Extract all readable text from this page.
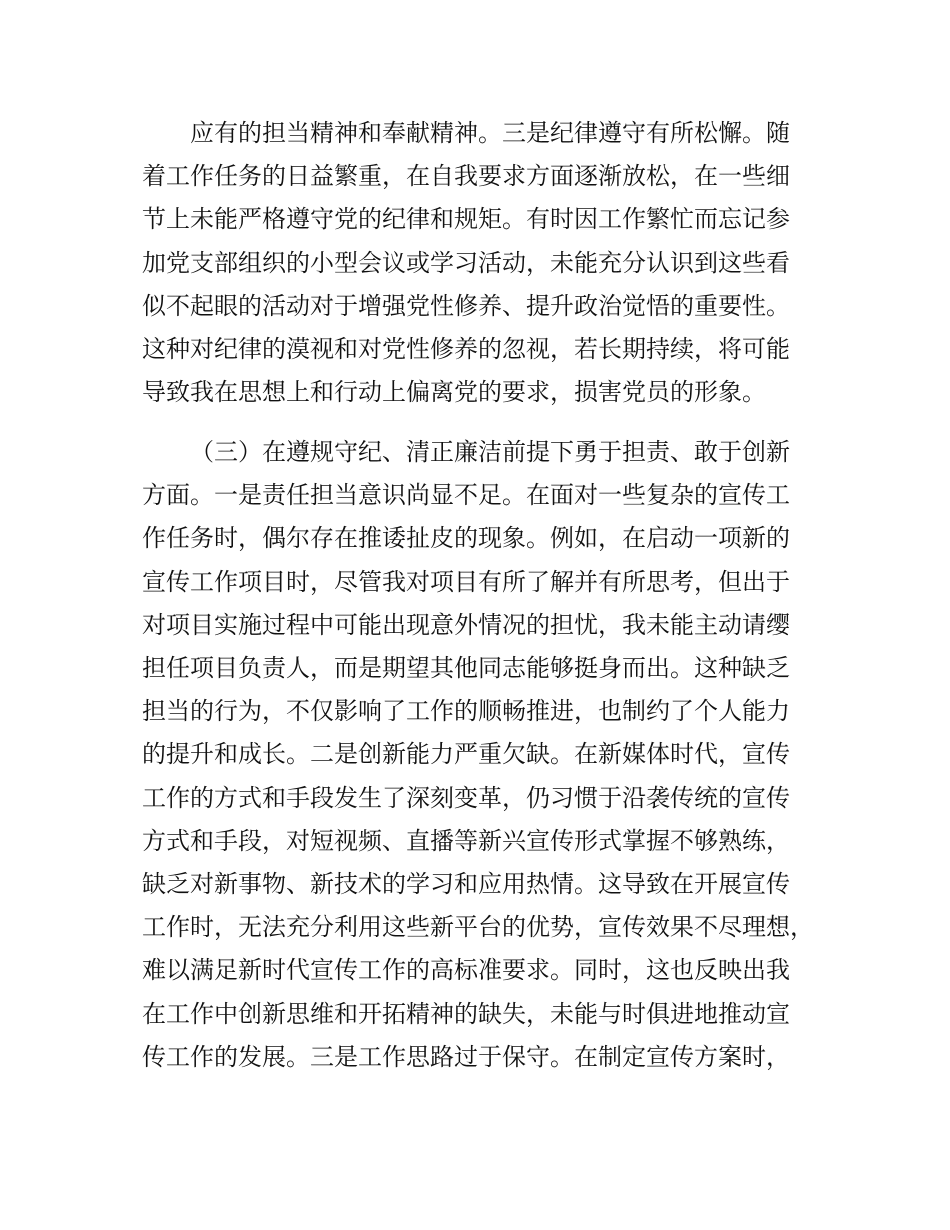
应有的担当精神和奉献精神。三是纪律遵守有所松懈。随
着工作任务的日益繁重，在自我要求方面逐渐放松，在一些细
节上未能严格遵守党的纪律和规矩。有时因工作繁忙而忘记参
加党支部组织的小型会议或学习活动，未能充分认识到这些看
似不起眼的活动对于增强党性修养、提升政治觉悟的重要性。
这种对纪律的漠视和对党性修养的忽视，若长期持续，将可能
导致我在思想上和行动上偏离党的要求，损害党员的形象。
（三）在遵规守纪、清正廉洁前提下勇于担责、敢于创新
方面。一是责任担当意识尚显不足。在面对一些复杂的宣传工
作任务时，偶尔存在推诿扯皮的现象。例如，在启动一项新的
宣传工作项目时，尽管我对项目有所了解并有所思考，但出于
对项目实施过程中可能出现意外情况的担忧，我未能主动请缨
担任项目负责人，而是期望其他同志能够挺身而出。这种缺乏
担当的行为，不仅影响了工作的顺畅推进，也制约了个人能力
的提升和成长。二是创新能力严重欠缺。在新媒体时代，宣传
工作的方式和手段发生了深刻变革，仍习惯于沿袭传统的宣传
方式和手段，对短视频、直播等新兴宣传形式掌握不够熟练，
缺乏对新事物、新技术的学习和应用热情。这导致在开展宣传
工作时，无法充分利用这些新平台的优势，宣传效果不尽理想，
难以满足新时代宣传工作的高标准要求。同时，这也反映出我
在工作中创新思维和开拓精神的缺失，未能与时俱进地推动宣
传工作的发展。三是工作思路过于保守。在制定宣传方案时，
